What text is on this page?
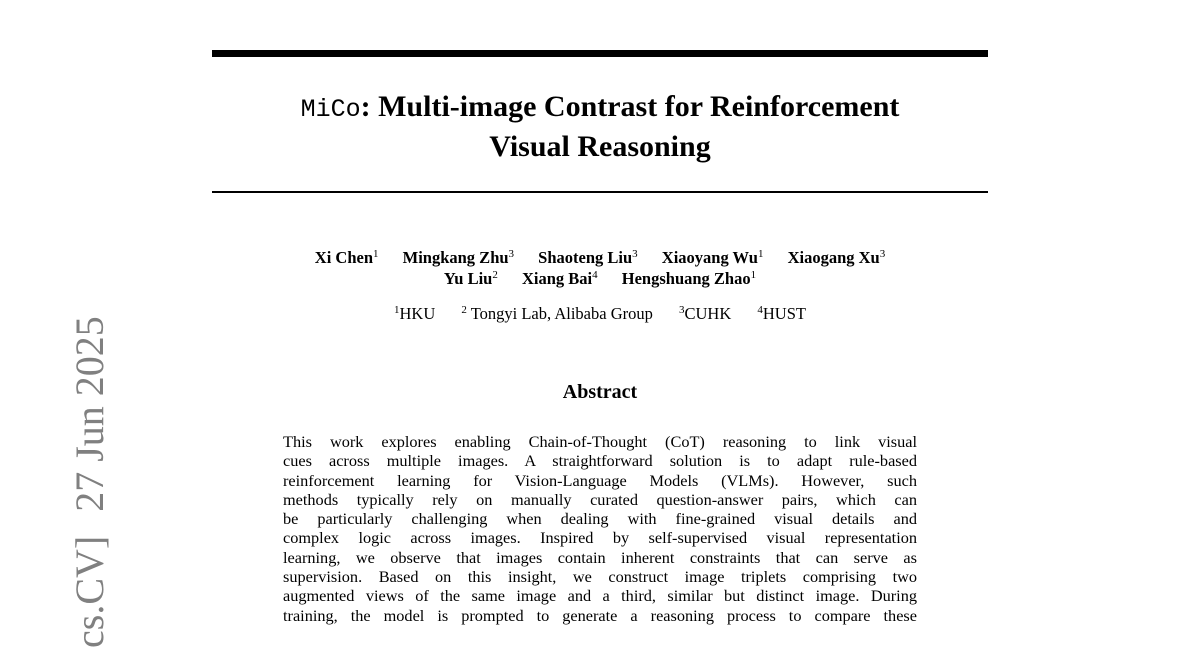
MiCo: Multi-image Contrast for Reinforcement
Visual Reasoning
Xi Chen$^1$ Mingkang Zhu$^3$ Shaoteng Liu$^3$ Xiaoyang Wu$^1$ Xiaogang Xu$^3$
Yu Liu$^2$ Xiang Bai$^4$ Hengshuang Zhao$^1$
$^1$HKU $^2$ Tongyi Lab, Alibaba Group $^3$CUHK $^4$HUST
Abstract
This work explores enabling Chain-of-Thought (CoT) reasoning to link visual
cues across multiple images. A straightforward solution is to adapt rule-based
reinforcement learning for Vision-Language Models (VLMs). However, such
methods typically rely on manually curated question-answer pairs, which can
be particularly challenging when dealing with fine-grained visual details and
complex logic across images. Inspired by self-supervised visual representation
learning, we observe that images contain inherent constraints that can serve as
supervision. Based on this insight, we construct image triplets comprising two
augmented views of the same image and a third, similar but distinct image. During
training, the model is prompted to generate a reasoning process to compare these
cs.CV]27 Jun 2025
